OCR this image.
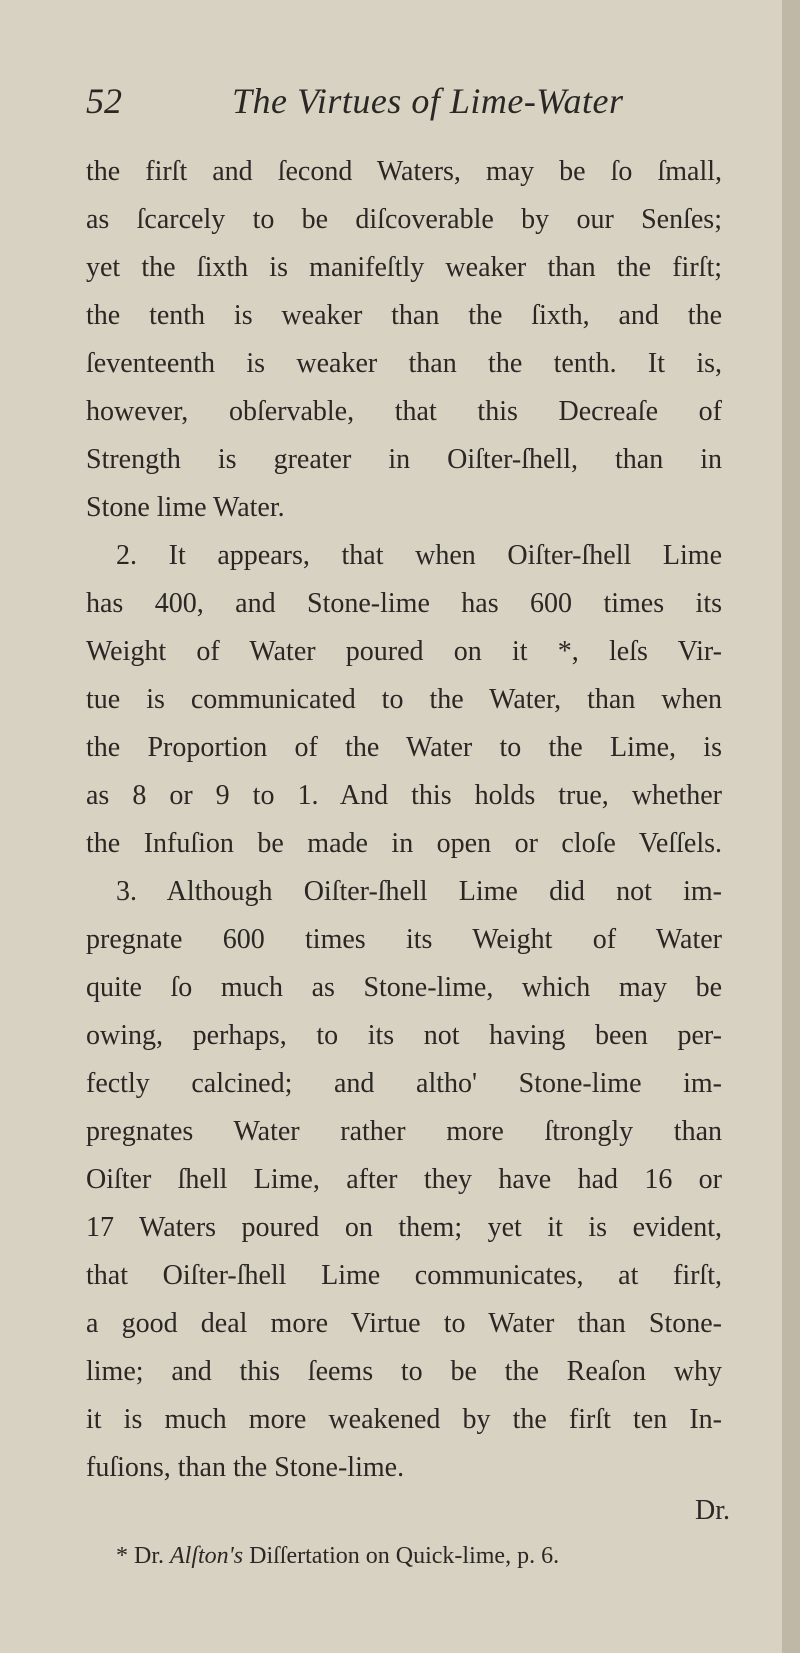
52	The Virtues of Lime-Water
the firſt and ſecond Waters, may be ſo ſmall,
as ſcarcely to be diſcoverable by our Senſes;
yet the ſixth is manifeſtly weaker than the firſt;
the tenth is weaker than the ſixth, and the
ſeventeenth is weaker than the tenth. It is,
however, obſervable, that this Decreaſe of
Strength is greater in Oiſter-ſhell, than in
Stone lime Water.
2. It appears, that when Oiſter-ſhell Lime
has 400, and Stone-lime has 600 times its
Weight of Water poured on it *, leſs Vir-
tue is communicated to the Water, than when
the Proportion of the Water to the Lime, is
as 8 or 9 to 1. And this holds true, whether
the Infuſion be made in open or cloſe Veſſels.
3. Although Oiſter-ſhell Lime did not im-
pregnate 600 times its Weight of Water
quite ſo much as Stone-lime, which may be
owing, perhaps, to its not having been per-
fectly calcined; and altho' Stone-lime im-
pregnates Water rather more ſtrongly than
Oiſter ſhell Lime, after they have had 16 or
17 Waters poured on them; yet it is evident,
that Oiſter-ſhell Lime communicates, at firſt,
a good deal more Virtue to Water than Stone-
lime; and this ſeems to be the Reaſon why
it is much more weakened by the firſt ten In-
fuſions, than the Stone-lime.
Dr.
* Dr. Alſton's Diſſertation on Quick-lime, p. 6.
